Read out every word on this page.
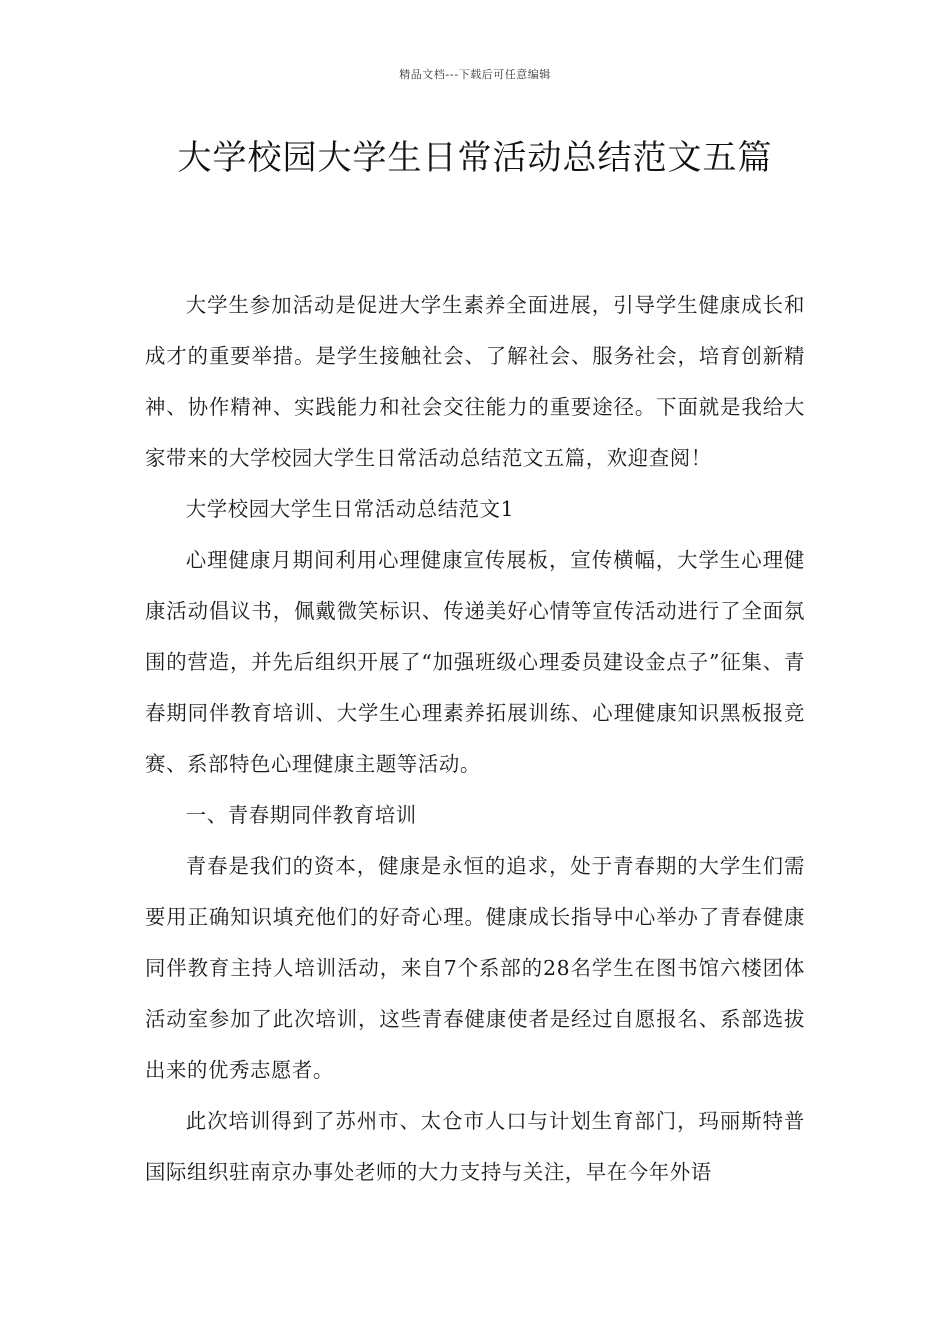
精品文档---下载后可任意编辑
大学校园大学生日常活动总结范文五篇

大学生参加活动是促进大学生素养全面进展，引导学生健康成长和成才的重要举措。是学生接触社会、了解社会、服务社会，培育创新精神、协作精神、实践能力和社会交往能力的重要途径。下面就是我给大家带来的大学校园大学生日常活动总结范文五篇，欢迎查阅！

大学校园大学生日常活动总结范文1

心理健康月期间利用心理健康宣传展板，宣传横幅，大学生心理健康活动倡议书，佩戴微笑标识、传递美好心情等宣传活动进行了全面氛围的营造，并先后组织开展了“加强班级心理委员建设金点子”征集、青春期同伴教育培训、大学生心理素养拓展训练、心理健康知识黑板报竞赛、系部特色心理健康主题等活动。

一、青春期同伴教育培训

青春是我们的资本，健康是永恒的追求，处于青春期的大学生们需要用正确知识填充他们的好奇心理。健康成长指导中心举办了青春健康同伴教育主持人培训活动，来自7个系部的28名学生在图书馆六楼团体活动室参加了此次培训，这些青春健康使者是经过自愿报名、系部选拔出来的优秀志愿者。

此次培训得到了苏州市、太仓市人口与计划生育部门，玛丽斯特普国际组织驻南京办事处老师的大力支持与关注，早在今年外语
